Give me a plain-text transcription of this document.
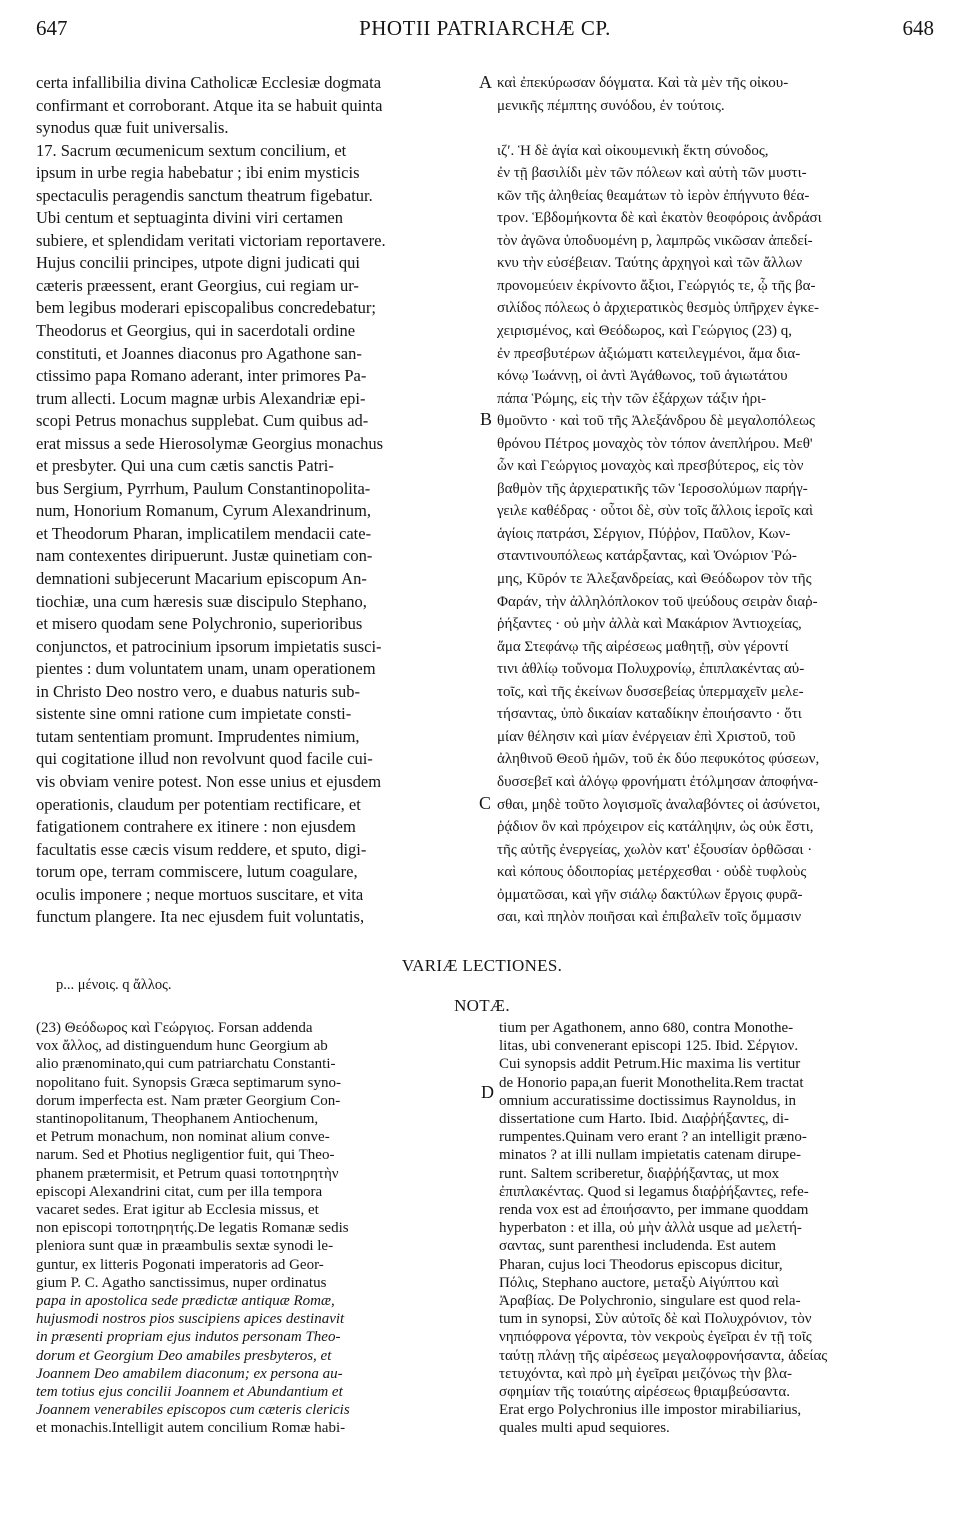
647	PHOTII PATRIARCHÆ CP.	648

certa infallibilia divina Catholicæ Ecclesiæ dogmata

confirmant et corroborant. Atque ita se habuit quinta

synodus quæ fuit universalis.

17. Sacrum œcumenicum sextum concilium, et

ipsum in urbe regia habebatur ; ibi enim mysticis

spectaculis peragendis sanctum theatrum figebatur.

Ubi centum et septuaginta divini viri certamen

subiere, et splendidam veritati victoriam reportavere.

Hujus concilii principes, utpote digni judicati qui

cæteris præessent, erant Georgius, cui regiam ur-

bem legibus moderari episcopalibus concredebatur;

Theodorus et Georgius, qui in sacerdotali ordine

constituti, et Joannes diaconus pro Agathone san-

ctissimo papa Romano aderant, inter primores Pa-

trum allecti. Locum magnæ urbis Alexandriæ epi-

scopi Petrus monachus supplebat. Cum quibus ad-

erat missus a sede Hierosolymæ Georgius monachus

et presbyter. Qui una cum cætis sanctis Patri-

bus Sergium, Pyrrhum, Paulum Constantinopolita-

num, Honorium Romanum, Cyrum Alexandrinum,

et Theodorum Pharan, implicatilem mendacii cate-

nam contexentes diripuerunt. Justæ quinetiam con-

demnationi subjecerunt Macarium episcopum An-

tiochiæ, una cum hæresis suæ discipulo Stephano,

et misero quodam sene Polychronio, superioribus

conjunctos, et patrocinium ipsorum impietatis susci-

pientes : dum voluntatem unam, unam operationem

in Christo Deo nostro vero, e duabus naturis sub-

sistente sine omni ratione cum impietate consti-

tutam sententiam promunt. Imprudentes nimium,

qui cogitatione illud non revolvunt quod facile cui-

vis obviam venire potest. Non esse unius et ejusdem

operationis, claudum per potentiam rectificare, et

fatigationem contrahere ex itinere : non ejusdem

facultatis esse cæcis visum reddere, et sputo, digi-

torum ope, terram commiscere, lutum coagulare,

oculis imponere ; neque mortuos suscitare, et vita

functum plangere. Ita nec ejusdem fuit voluntatis,

καὶ ἐπεκύρωσαν δόγματα. Καὶ τὰ μὲν τῆς οἰκου-

μενικῆς πέμπτης συνόδου, ἐν τούτοις.

ιζʹ. Ἡ δὲ ἁγία καὶ οἰκουμενικὴ ἕκτη σύνοδος,

ἐν τῇ βασιλίδι μὲν τῶν πόλεων καὶ αὐτὴ τῶν μυστι-

κῶν τῆς ἀληθείας θεαμάτων τὸ ἱερὸν ἐπήγνυτο θέα-

τρον. Ἑβδομήκοντα δὲ καὶ ἑκατὸν θεοφόροις ἀνδράσι

τὸν ἀγῶνα ὑποδυομένη p, λαμπρῶς νικῶσαν ἀπεδεί-

κνυ τὴν εὐσέβειαν. Ταύτης ἀρχηγοὶ καὶ τῶν ἄλλων

προνομεύειν ἐκρίνοντο ἄξιοι, Γεώργιός τε, ᾧ τῆς βα-

σιλίδος πόλεως ὁ ἀρχιερατικὸς θεσμὸς ὑπῆρχεν ἐγκε-

χειρισμένος, καὶ Θεόδωρος, καὶ Γεώργιος (23) q,

ἐν πρεσβυτέρων ἀξιώματι κατειλεγμένοι, ἅμα δια-

κόνῳ Ἰωάννῃ, οἱ ἀντὶ Ἀγάθωνος, τοῦ ἁγιωτάτου

πάπα Ῥώμης, εἰς τὴν τῶν ἐξάρχων τάξιν ἠρι-

θμοῦντο · καὶ τοῦ τῆς Ἀλεξάνδρου δὲ μεγαλοπόλεως

θρόνου Πέτρος μοναχὸς τὸν τόπον ἀνεπλήρου. Μεθ'

ὧν καὶ Γεώργιος μοναχὸς καὶ πρεσβύτερος, εἰς τὸν

βαθμὸν τῆς ἀρχιερατικῆς τῶν Ἱεροσολύμων παρήγ-

γειλε καθέδρας · οὗτοι δὲ, σὺν τοῖς ἄλλοις ἱεροῖς καὶ

ἁγίοις πατράσι, Σέργιον, Πύῤῥον, Παῦλον, Κων-

σταντινουπόλεως κατάρξαντας, καὶ Ὀνώριον Ῥώ-

μης, Κῦρόν τε Ἀλεξανδρείας, καὶ Θεόδωρον τὸν τῆς

Φαράν, τὴν ἀλληλόπλοκον τοῦ ψεύδους σειρὰν διαῤ-

ῥήξαντες · οὐ μὴν ἀλλὰ καὶ Μακάριον Ἀντιοχείας,

ἅμα Στεφάνῳ τῆς αἱρέσεως μαθητῇ, σὺν γέροντί

τινι ἀθλίῳ τοὔνομα Πολυχρονίῳ, ἐπιπλακέντας αὐ-

τοῖς, καὶ τῆς ἐκείνων δυσσεβείας ὑπερμαχεῖν μελε-

τήσαντας, ὑπὸ δικαίαν καταδίκην ἐποιήσαντο · ὅτι

μίαν θέλησιν καὶ μίαν ἐνέργειαν ἐπὶ Χριστοῦ, τοῦ

ἀληθινοῦ Θεοῦ ἡμῶν, τοῦ ἐκ δύο πεφυκότος φύσεων,

δυσσεβεῖ καὶ ἀλόγῳ φρονήματι ἐτόλμησαν ἀποφήνα-

σθαι, μηδὲ τοῦτο λογισμοῖς ἀναλαβόντες οἱ ἀσύνετοι,

ῥᾴδιον ὂν καὶ πρόχειρον εἰς κατάληψιν, ὡς οὐκ ἔστι,

τῆς αὐτῆς ἐνεργείας, χωλὸν κατ' ἐξουσίαν ὀρθῶσαι ·

καὶ κόπους ὁδοιπορίας μετέρχεσθαι · οὐδὲ τυφλοὺς

ὀμματῶσαι, καὶ γῆν σιάλῳ δακτύλων ἔργοις φυρᾶ-

σαι, καὶ πηλὸν ποιῆσαι καὶ ἐπιβαλεῖν τοῖς ὄμμασιν

A
B
C
D
VARIÆ LECTIONES.
p... μένοις. q ἄλλος.
NOTÆ.

(23) Θεόδωρος καὶ Γεώργιος. Forsan addenda

vox ἄλλος, ad distinguendum hunc Georgium ab

alio prænominato,qui cum patriarchatu Constanti-

nopolitano fuit. Synopsis Græca septimarum syno-

dorum imperfecta est. Nam præter Georgium Con-

stantinopolitanum, Theophanem Antiochenum,

et Petrum monachum, non nominat alium conve-

narum. Sed et Photius negligentior fuit, qui Theo-

phanem prætermisit, et Petrum quasi τοποτηρητὴν

episcopi Alexandrini citat, cum per illa tempora

vacaret sedes. Erat igitur ab Ecclesia missus, et

non episcopi τοποτηρητής.De legatis Romanæ sedis

pleniora sunt quæ in præambulis sextæ synodi le-

guntur, ex litteris Pogonati imperatoris ad Geor-

gium P. C. Agatho sanctissimus, nuper ordinatus

papa in apostolica sede prædictæ antiquæ Romæ,

hujusmodi nostros pios suscipiens apices destinavit

in præsenti propriam ejus indutos personam Theo-

dorum et Georgium Deo amabiles presbyteros, et

Joannem Deo amabilem diaconum; ex persona au-

tem totius ejus concilii Joannem et Abundantium et

Joannem venerabiles episcopos cum cæteris clericis

et monachis.Intelligit autem concilium Romæ habi-

tium per Agathonem, anno 680, contra Monothe-

litas, ubi convenerant episcopi 125. Ibid. Σέργιον.

Cui synopsis addit Petrum.Hic maxima lis vertitur

de Honorio papa,an fuerit Monothelita.Rem tractat

omnium accuratissime doctissimus Raynoldus, in

dissertatione cum Harto. Ibid. Διαῤῥήξαντες, di-

rumpentes.Quinam vero erant ? an intelligit præno-

minatos ? at illi nullam impietatis catenam dirupe-

runt. Saltem scriberetur, διαῤῥήξαντας, ut mox

ἐπιπλακέντας. Quod si legamus διαῤῥήξαντες, refe-

renda vox est ad ἐποιήσαντο, per immane quoddam

hyperbaton : et illa, οὐ μὴν ἀλλὰ usque ad μελετή-

σαντας, sunt parenthesi includenda. Est autem

Pharan, cujus loci Theodorus episcopus dicitur,

Πόλις, Stephano auctore, μεταξὺ Αἰγύπτου καὶ

Ἀραβίας. De Polychronio, singulare est quod rela-

tum in synopsi, Σὺν αὐτοῖς δὲ καὶ Πολυχρόνιον, τὸν

νηπιόφρονα γέροντα, τὸν νεκροὺς ἐγεῖραι ἐν τῇ τοῖς

ταύτῃ πλάνῃ τῆς αἱρέσεως μεγαλοφρονήσαντα, ἀδείας

τετυχόντα, καὶ πρὸ μὴ ἐγεῖραι μειζόνως τὴν βλα-

σφημίαν τῆς τοιαύτης αἱρέσεως θριαμβεύσαντα.

Erat ergo Polychronius ille impostor mirabiliarius,

quales multi apud sequiores.
